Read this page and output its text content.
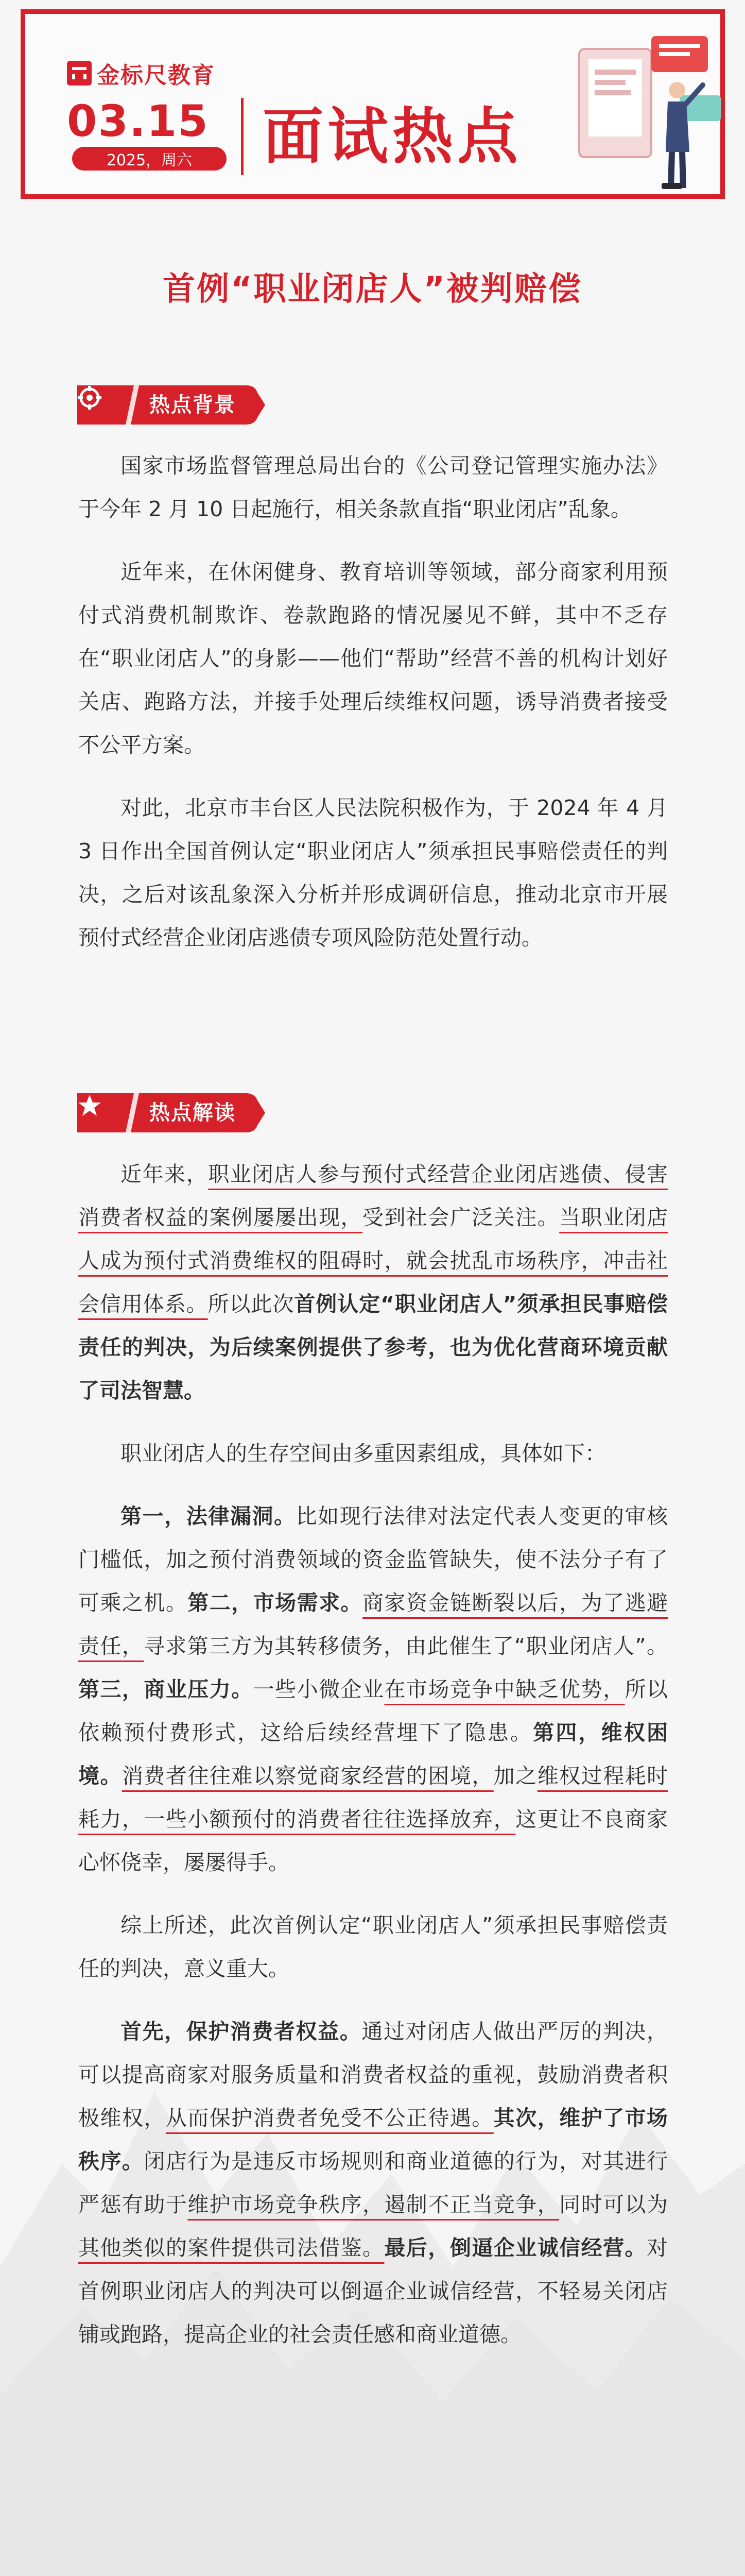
金标尺教育
03.15
2025，周六 面试热点
首例“职业闭店人”被判赔偿
热点背景

国家市场监督管理总局出台的《公司登记管理实施办法》于今年 2 月 10 日起施行，相关条款直指“职业闭店”乱象。

近年来，在休闲健身、教育培训等领域，部分商家利用预付式消费机制欺诈、卷款跑路的情况屡见不鲜，其中不乏存在“职业闭店人”的身影——他们“帮助”经营不善的机构计划好关店、跑路方法，并接手处理后续维权问题，诱导消费者接受不公平方案。

对此，北京市丰台区人民法院积极作为，于 2024 年 4 月 3 日作出全国首例认定“职业闭店人”须承担民事赔偿责任的判决，之后对该乱象深入分析并形成调研信息，推动北京市开展预付式经营企业闭店逃债专项风险防范处置行动。

热点解读

近年来，职业闭店人参与预付式经营企业闭店逃债、侵害消费者权益的案例屡屡出现，受到社会广泛关注。当职业闭店人成为预付式消费维权的阻碍时，就会扰乱市场秩序，冲击社会信用体系。所以此次首例认定“职业闭店人”须承担民事赔偿责任的判决，为后续案例提供了参考，也为优化营商环境贡献了司法智慧。

职业闭店人的生存空间由多重因素组成，具体如下：

第一，法律漏洞。比如现行法律对法定代表人变更的审核门槛低，加之预付消费领域的资金监管缺失，使不法分子有了可乘之机。第二，市场需求。商家资金链断裂以后，为了逃避责任，寻求第三方为其转移债务，由此催生了“职业闭店人”。第三，商业压力。一些小微企业在市场竞争中缺乏优势，所以依赖预付费形式，这给后续经营埋下了隐患。第四，维权困境。消费者往往难以察觉商家经营的困境，加之维权过程耗时耗力，一些小额预付的消费者往往选择放弃，这更让不良商家心怀侥幸，屡屡得手。

综上所述，此次首例认定“职业闭店人”须承担民事赔偿责任的判决，意义重大。

首先，保护消费者权益。通过对闭店人做出严厉的判决，可以提高商家对服务质量和消费者权益的重视，鼓励消费者积极维权，从而保护消费者免受不公正待遇。其次，维护了市场秩序。闭店行为是违反市场规则和商业道德的行为，对其进行严惩有助于维护市场竞争秩序，遏制不正当竞争，同时可以为其他类似的案件提供司法借鉴。最后，倒逼企业诚信经营。对首例职业闭店人的判决可以倒逼企业诚信经营，不轻易关闭店铺或跑路，提高企业的社会责任感和商业道德。
